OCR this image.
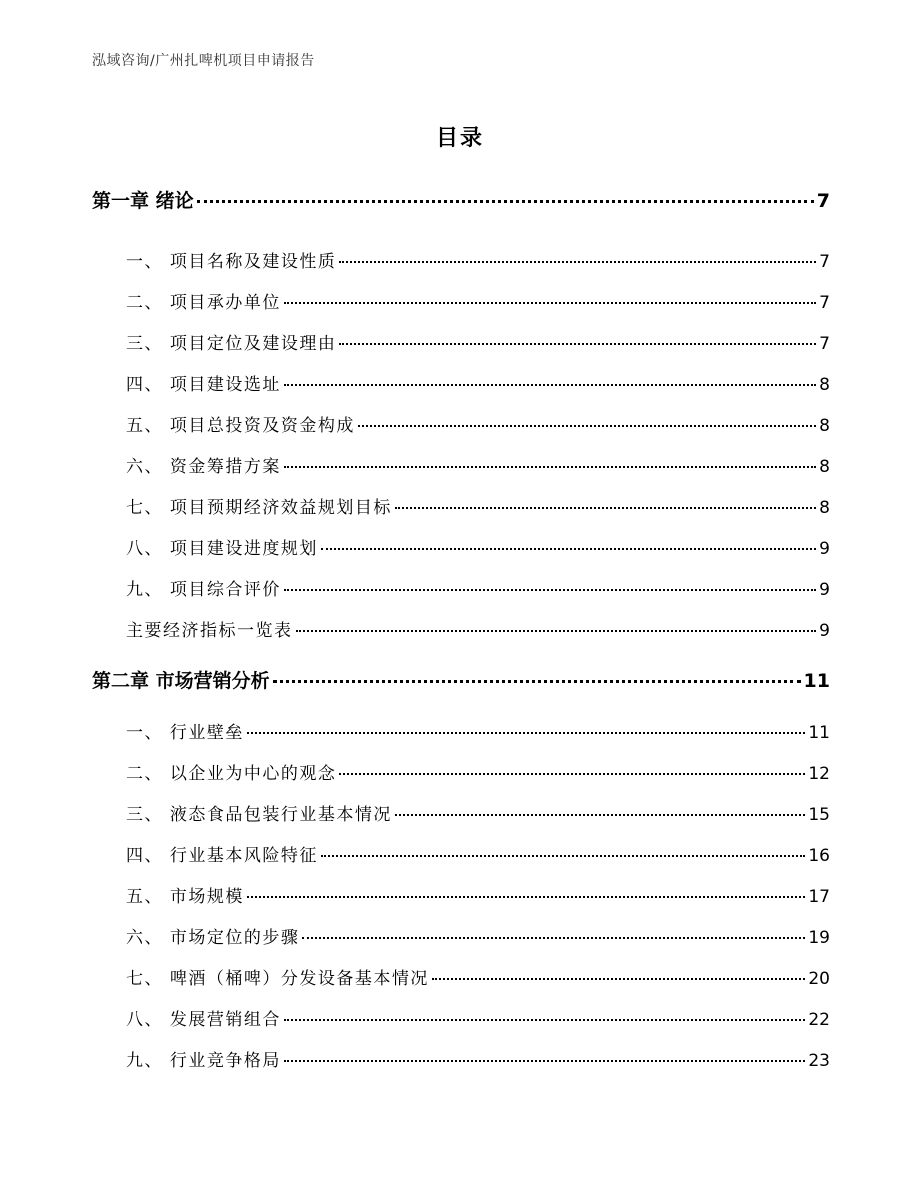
泓域咨询/广州扎啤机项目申请报告
目录
第一章 绪论	7
一、 项目名称及建设性质	7
二、 项目承办单位	7
三、 项目定位及建设理由	7
四、 项目建设选址	8
五、 项目总投资及资金构成	8
六、 资金筹措方案	8
七、 项目预期经济效益规划目标	8
八、 项目建设进度规划	9
九、 项目综合评价	9
主要经济指标一览表	9
第二章 市场营销分析	11
一、 行业壁垒	11
二、 以企业为中心的观念	12
三、 液态食品包装行业基本情况	15
四、 行业基本风险特征	16
五、 市场规模	17
六、 市场定位的步骤	19
七、 啤酒（桶啤）分发设备基本情况	20
八、 发展营销组合	22
九、 行业竞争格局	23
